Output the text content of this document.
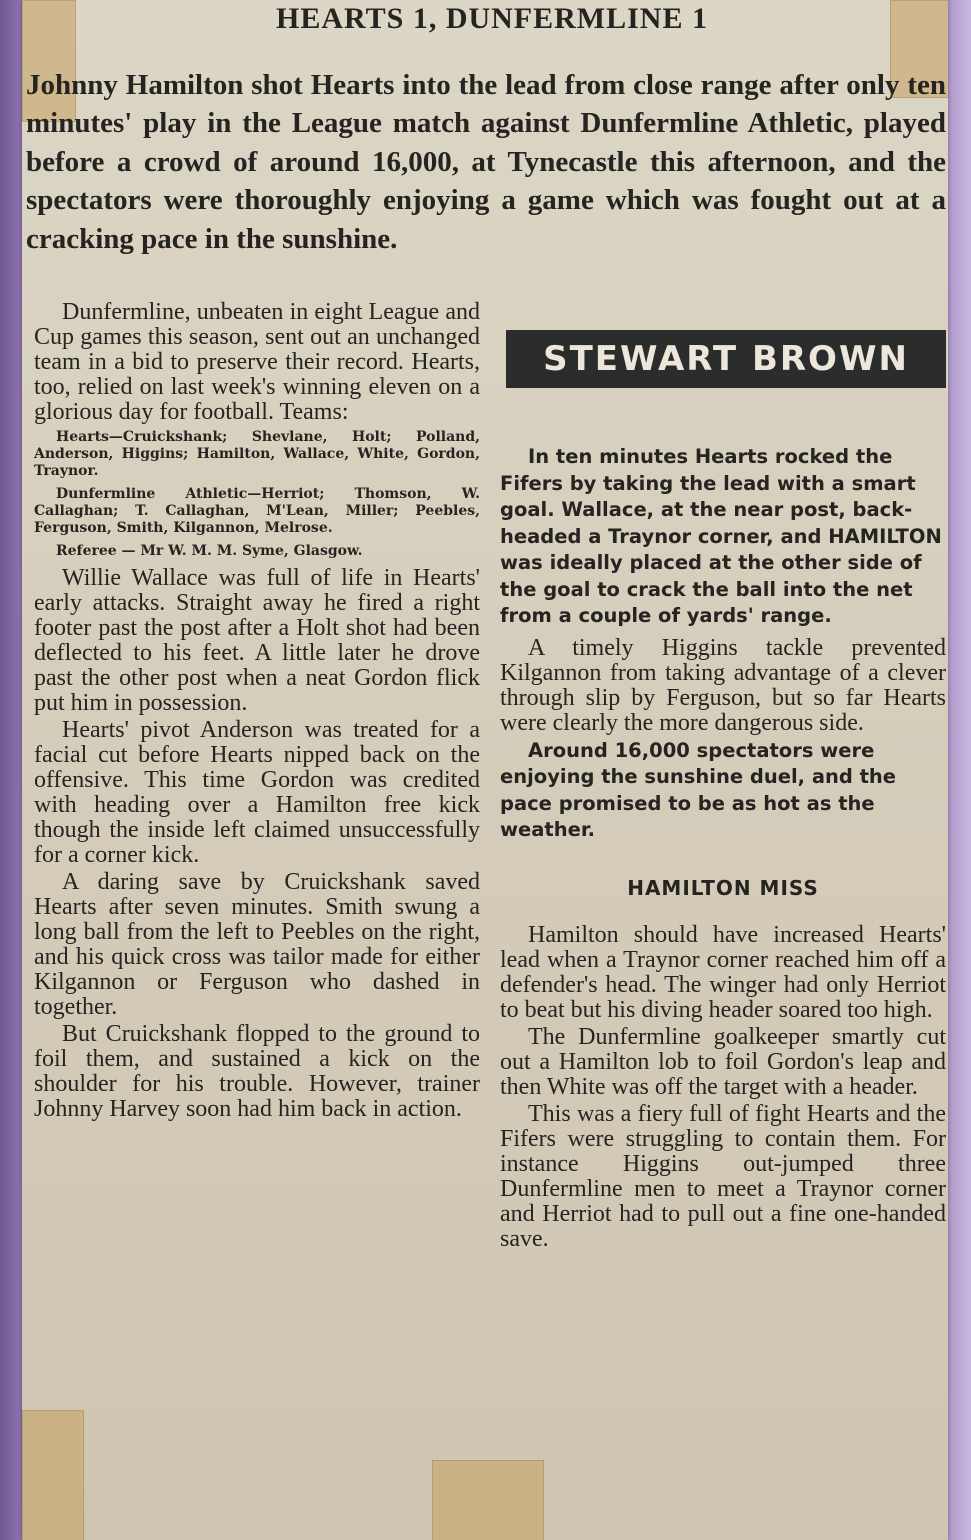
HEARTS 1, DUNFERMLINE 1
Johnny Hamilton shot Hearts into the lead from close range after only ten minutes' play in the League match against Dunfermline Athletic, played before a crowd of around 16,000, at Tynecastle this afternoon, and the spectators were thoroughly enjoying a game which was fought out at a cracking pace in the sunshine.

Dunfermline, unbeaten in eight League and Cup games this season, sent out an unchanged team in a bid to preserve their record. Hearts, too, relied on last week's winning eleven on a glorious day for football. Teams:

Hearts—Cruickshank; Shevlane, Holt; Polland, Anderson, Higgins; Hamilton, Wallace, White, Gordon, Traynor.

Dunfermline Athletic—Herriot; Thomson, W. Callaghan; T. Callaghan, M'Lean, Miller; Peebles, Ferguson, Smith, Kilgannon, Melrose.

Referee — Mr W. M. M. Syme, Glasgow.

Willie Wallace was full of life in Hearts' early attacks. Straight away he fired a right footer past the post after a Holt shot had been deflected to his feet. A little later he drove past the other post when a neat Gordon flick put him in possession.

Hearts' pivot Anderson was treated for a facial cut before Hearts nipped back on the offensive. This time Gordon was credited with heading over a Hamilton free kick though the inside left claimed unsuccessfully for a corner kick.

A daring save by Cruickshank saved Hearts after seven minutes. Smith swung a long ball from the left to Peebles on the right, and his quick cross was tailor made for either Kilgannon or Ferguson who dashed in together.

But Cruickshank flopped to the ground to foil them, and sustained a kick on the shoulder for his trouble. However, trainer Johnny Harvey soon had him back in action.

STEWART BROWN

In ten minutes Hearts rocked the Fifers by taking the lead with a smart goal. Wallace, at the near post, back-headed a Traynor corner, and HAMILTON was ideally placed at the other side of the goal to crack the ball into the net from a couple of yards' range.

A timely Higgins tackle prevented Kilgannon from taking advantage of a clever through slip by Ferguson, but so far Hearts were clearly the more dangerous side.

Around 16,000 spectators were enjoying the sunshine duel, and the pace promised to be as hot as the weather.

HAMILTON MISS

Hamilton should have increased Hearts' lead when a Traynor corner reached him off a defender's head. The winger had only Herriot to beat but his diving header soared too high.

The Dunfermline goalkeeper smartly cut out a Hamilton lob to foil Gordon's leap and then White was off the target with a header.

This was a fiery full of fight Hearts and the Fifers were struggling to contain them. For instance Higgins out-jumped three Dunfermline men to meet a Traynor corner and Herriot had to pull out a fine one-handed save.
